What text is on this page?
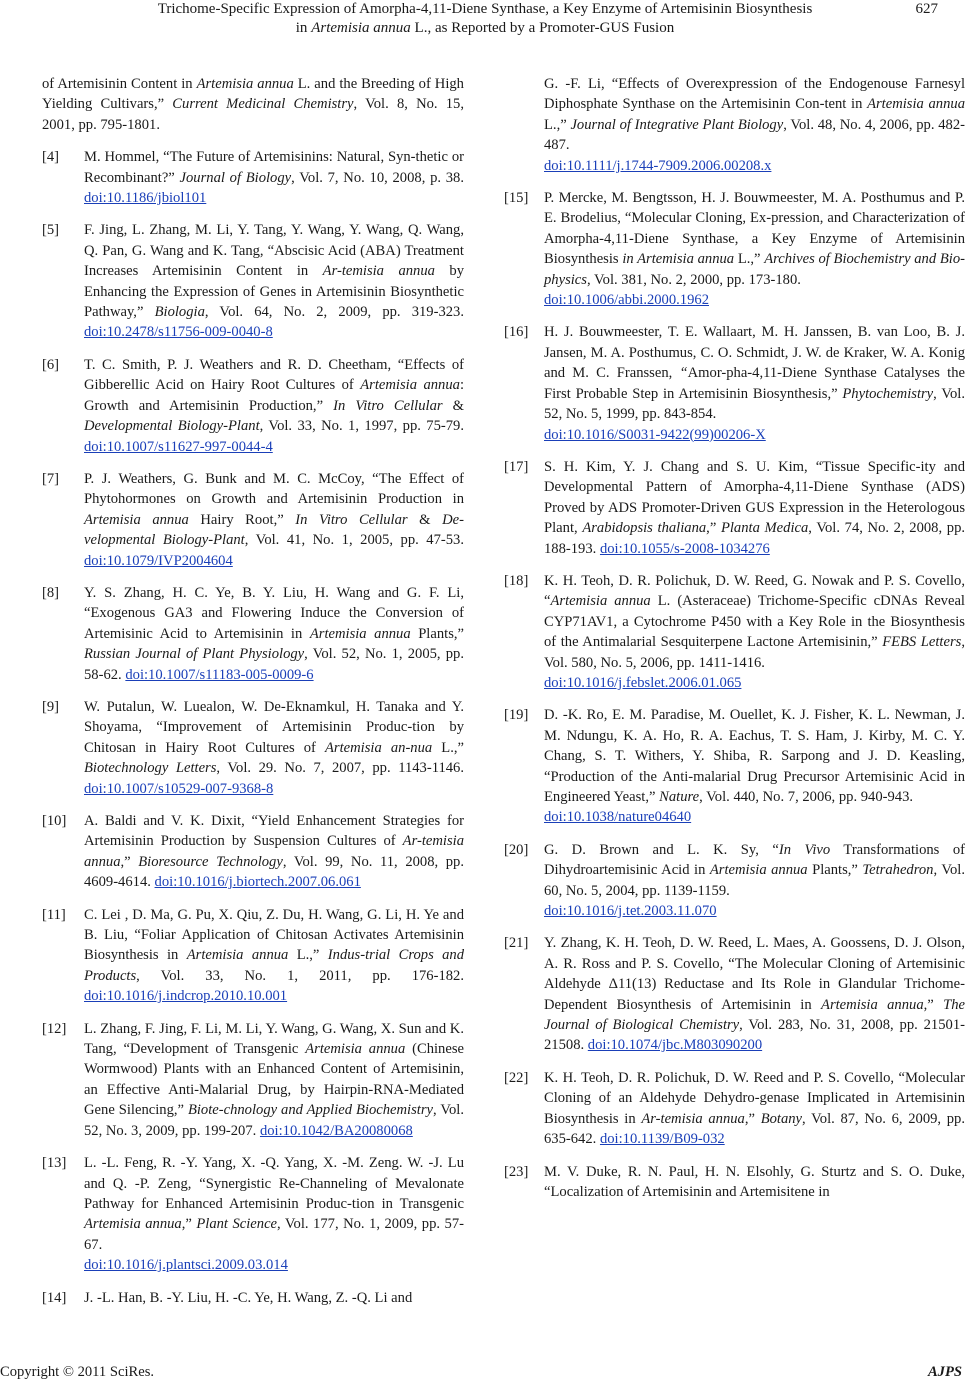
Trichome-Specific Expression of Amorpha-4,11-Diene Synthase, a Key Enzyme of Artemisinin Biosynthesis
in Artemisia annua L., as Reported by a Promoter-GUS Fusion
627
of Artemisinin Content in Artemisia annua L. and the Breeding of High Yielding Cultivars,” Current Medicinal Chemistry, Vol. 8, No. 15, 2001, pp. 795-1801.
[4] M. Hommel, “The Future of Artemisinins: Natural, Syn-thetic or Recombinant?” Journal of Biology, Vol. 7, No. 10, 2008, p. 38. doi:10.1186/jbiol101
[5] F. Jing, L. Zhang, M. Li, Y. Tang, Y. Wang, Y. Wang, Q. Wang, Q. Pan, G. Wang and K. Tang, “Abscisic Acid (ABA) Treatment Increases Artemisinin Content in Ar-temisia annua by Enhancing the Expression of Genes in Artemisinin Biosynthetic Pathway,” Biologia, Vol. 64, No. 2, 2009, pp. 319-323. doi:10.2478/s11756-009-0040-8
[6] T. C. Smith, P. J. Weathers and R. D. Cheetham, “Effects of Gibberellic Acid on Hairy Root Cultures of Artemisia annua: Growth and Artemisinin Production,” In Vitro Cellular & Developmental Biology-Plant, Vol. 33, No. 1, 1997, pp. 75-79. doi:10.1007/s11627-997-0044-4
[7] P. J. Weathers, G. Bunk and M. C. McCoy, “The Effect of Phytohormones on Growth and Artemisinin Production in Artemisia annua Hairy Root,” In Vitro Cellular & De-velopmental Biology-Plant, Vol. 41, No. 1, 2005, pp. 47-53. doi:10.1079/IVP2004604
[8] Y. S. Zhang, H. C. Ye, B. Y. Liu, H. Wang and G. F. Li, “Exogenous GA3 and Flowering Induce the Conversion of Artemisinic Acid to Artemisinin in Artemisia annua Plants,” Russian Journal of Plant Physiology, Vol. 52, No. 1, 2005, pp. 58-62. doi:10.1007/s11183-005-0009-6
[9] W. Putalun, W. Luealon, W. De-Eknamkul, H. Tanaka and Y. Shoyama, “Improvement of Artemisinin Produc-tion by Chitosan in Hairy Root Cultures of Artemisia an-nua L.,” Biotechnology Letters, Vol. 29. No. 7, 2007, pp. 1143-1146. doi:10.1007/s10529-007-9368-8
[10] A. Baldi and V. K. Dixit, “Yield Enhancement Strategies for Artemisinin Production by Suspension Cultures of Ar-temisia annua,” Bioresource Technology, Vol. 99, No. 11, 2008, pp. 4609-4614. doi:10.1016/j.biortech.2007.06.061
[11] C. Lei , D. Ma, G. Pu, X. Qiu, Z. Du, H. Wang, G. Li, H. Ye and B. Liu, “Foliar Application of Chitosan Activates Artemisinin Biosynthesis in Artemisia annua L.,” Indus-trial Crops and Products, Vol. 33, No. 1, 2011, pp. 176-182. doi:10.1016/j.indcrop.2010.10.001
[12] L. Zhang, F. Jing, F. Li, M. Li, Y. Wang, G. Wang, X. Sun and K. Tang, “Development of Transgenic Artemisia annua (Chinese Wormwood) Plants with an Enhanced Content of Artemisinin, an Effective Anti-Malarial Drug, by Hairpin-RNA-Mediated Gene Silencing,” Biote-chnology and Applied Biochemistry, Vol. 52, No. 3, 2009, pp. 199-207. doi:10.1042/BA20080068
[13] L. -L. Feng, R. -Y. Yang, X. -Q. Yang, X. -M. Zeng. W. -J. Lu and Q. -P. Zeng, “Synergistic Re-Channeling of Mevalonate Pathway for Enhanced Artemisinin Produc-tion in Transgenic Artemisia annua,” Plant Science, Vol. 177, No. 1, 2009, pp. 57-67.
doi:10.1016/j.plantsci.2009.03.014
[14] J. -L. Han, B. -Y. Liu, H. -C. Ye, H. Wang, Z. -Q. Li and
G. -F. Li, “Effects of Overexpression of the Endogenouse Farnesyl Diphosphate Synthase on the Artemisinin Con-tent in Artemisia annua L.,” Journal of Integrative Plant Biology, Vol. 48, No. 4, 2006, pp. 482-487.
doi:10.1111/j.1744-7909.2006.00208.x
[15] P. Mercke, M. Bengtsson, H. J. Bouwmeester, M. A. Posthumus and P. E. Brodelius, “Molecular Cloning, Ex-pression, and Characterization of Amorpha-4,11-Diene Synthase, a Key Enzyme of Artemisinin Biosynthesis in Artemisia annua L.,” Archives of Biochemistry and Bio-physics, Vol. 381, No. 2, 2000, pp. 173-180.
doi:10.1006/abbi.2000.1962
[16] H. J. Bouwmeester, T. E. Wallaart, M. H. Janssen, B. van Loo, B. J. Jansen, M. A. Posthumus, C. O. Schmidt, J. W. de Kraker, W. A. Konig and M. C. Franssen, “Amor-pha-4,11-Diene Synthase Catalyses the First Probable Step in Artemisinin Biosynthesis,” Phytochemistry, Vol. 52, No. 5, 1999, pp. 843-854.
doi:10.1016/S0031-9422(99)00206-X
[17] S. H. Kim, Y. J. Chang and S. U. Kim, “Tissue Specific-ity and Developmental Pattern of Amorpha-4,11-Diene Synthase (ADS) Proved by ADS Promoter-Driven GUS Expression in the Heterologous Plant, Arabidopsis thaliana,” Planta Medica, Vol. 74, No. 2, 2008, pp. 188-193. doi:10.1055/s-2008-1034276
[18] K. H. Teoh, D. R. Polichuk, D. W. Reed, G. Nowak and P. S. Covello, “Artemisia annua L. (Asteraceae) Trichome-Specific cDNAs Reveal CYP71AV1, a Cytochrome P450 with a Key Role in the Biosynthesis of the Antimalarial Sesquiterpene Lactone Artemisinin,” FEBS Letters, Vol. 580, No. 5, 2006, pp. 1411-1416.
doi:10.1016/j.febslet.2006.01.065
[19] D. -K. Ro, E. M. Paradise, M. Ouellet, K. J. Fisher, K. L. Newman, J. M. Ndungu, K. A. Ho, R. A. Eachus, T. S. Ham, J. Kirby, M. C. Y. Chang, S. T. Withers, Y. Shiba, R. Sarpong and J. D. Keasling, “Production of the Anti-malarial Drug Precursor Artemisinic Acid in Engineered Yeast,” Nature, Vol. 440, No. 7, 2006, pp. 940-943.
doi:10.1038/nature04640
[20] G. D. Brown and L. K. Sy, “In Vivo Transformations of Dihydroartemisinic Acid in Artemisia annua Plants,” Tetrahedron, Vol. 60, No. 5, 2004, pp. 1139-1159.
doi:10.1016/j.tet.2003.11.070
[21] Y. Zhang, K. H. Teoh, D. W. Reed, L. Maes, A. Goossens, D. J. Olson, A. R. Ross and P. S. Covello, “The Molecular Cloning of Artemisinic Aldehyde Δ11(13) Reductase and Its Role in Glandular Trichome-Dependent Biosynthesis of Artemisinin in Artemisia annua,” The Journal of Biological Chemistry, Vol. 283, No. 31, 2008, pp. 21501-21508. doi:10.1074/jbc.M803090200
[22] K. H. Teoh, D. R. Polichuk, D. W. Reed and P. S. Covello, “Molecular Cloning of an Aldehyde Dehydro-genase Implicated in Artemisinin Biosynthesis in Ar-temisia annua,” Botany, Vol. 87, No. 6, 2009, pp. 635-642. doi:10.1139/B09-032
[23] M. V. Duke, R. N. Paul, H. N. Elsohly, G. Sturtz and S. O. Duke, “Localization of Artemisinin and Artemisitene in
Copyright © 2011 SciRes.	AJPS
